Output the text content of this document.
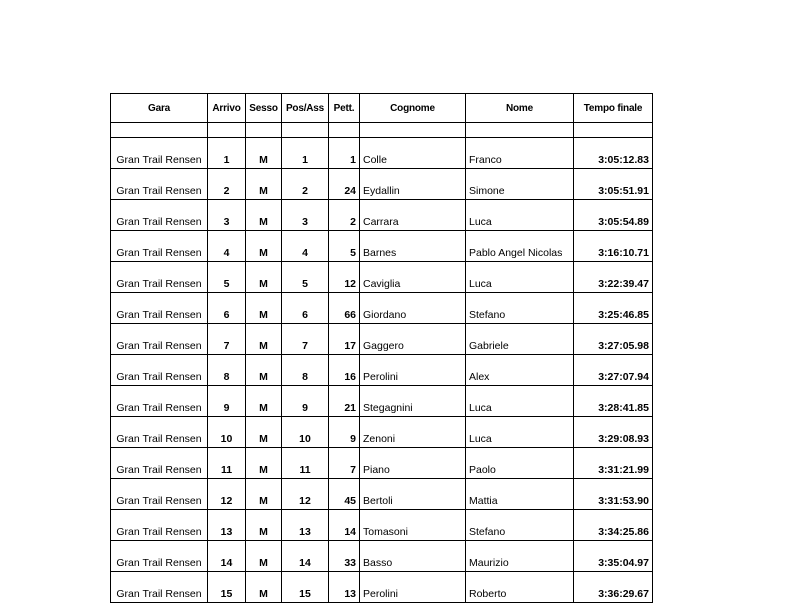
Gara	Arrivo	Sesso	Pos/Ass	Pett.	Cognome	Nome	Tempo finale

Gran Trail Rensen	1	M	1	1	Colle	Franco	3:05:12.83
Gran Trail Rensen	2	M	2	24	Eydallin	Simone	3:05:51.91
Gran Trail Rensen	3	M	3	2	Carrara	Luca	3:05:54.89
Gran Trail Rensen	4	M	4	5	Barnes	Pablo Angel Nicolas	3:16:10.71
Gran Trail Rensen	5	M	5	12	Caviglia	Luca	3:22:39.47
Gran Trail Rensen	6	M	6	66	Giordano	Stefano	3:25:46.85
Gran Trail Rensen	7	M	7	17	Gaggero	Gabriele	3:27:05.98
Gran Trail Rensen	8	M	8	16	Perolini	Alex	3:27:07.94
Gran Trail Rensen	9	M	9	21	Stegagnini	Luca	3:28:41.85
Gran Trail Rensen	10	M	10	9	Zenoni	Luca	3:29:08.93
Gran Trail Rensen	11	M	11	7	Piano	Paolo	3:31:21.99
Gran Trail Rensen	12	M	12	45	Bertoli	Mattia	3:31:53.90
Gran Trail Rensen	13	M	13	14	Tomasoni	Stefano	3:34:25.86
Gran Trail Rensen	14	M	14	33	Basso	Maurizio	3:35:04.97
Gran Trail Rensen	15	M	15	13	Perolini	Roberto	3:36:29.67
